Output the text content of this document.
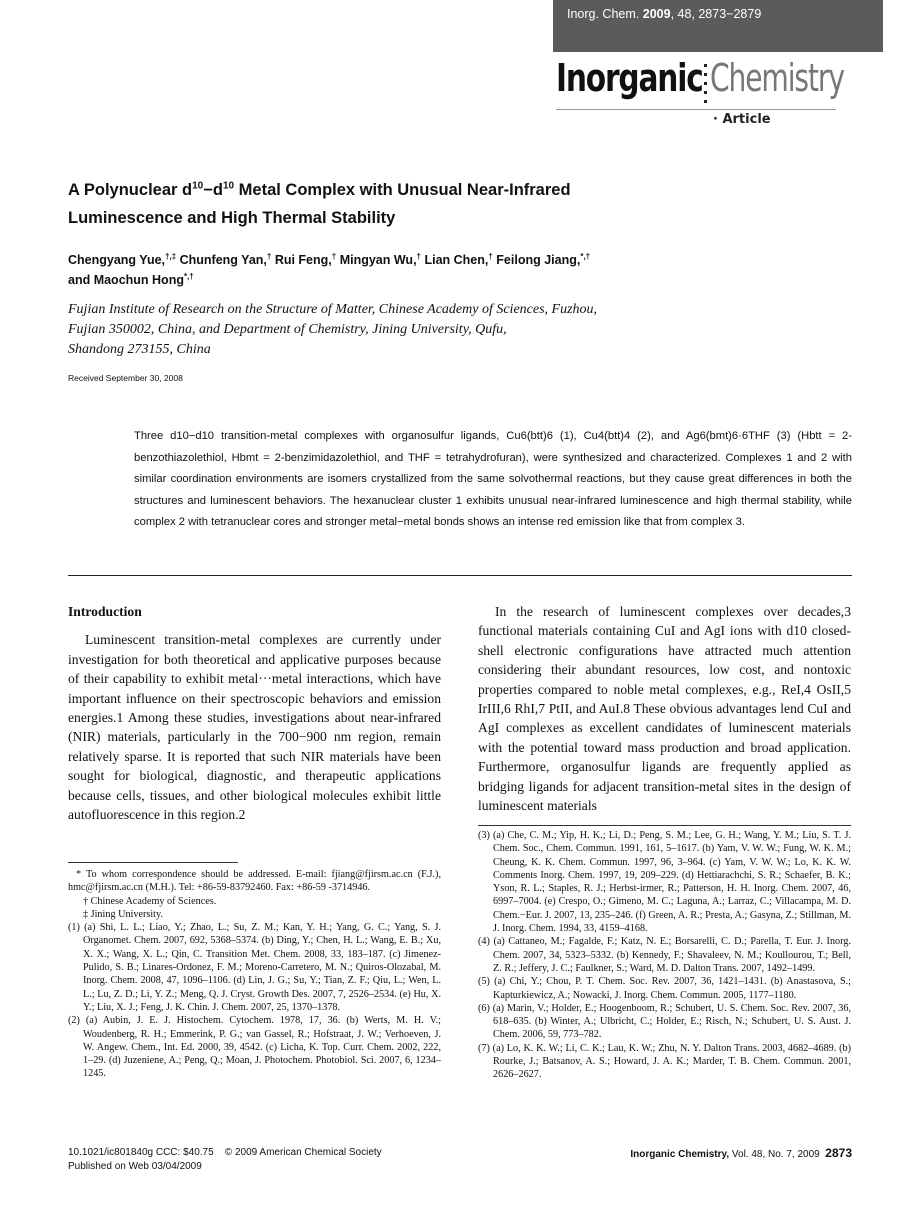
Inorg. Chem. 2009, 48, 2873−2879
Inorganic Chemistry
· Article
A Polynuclear $d^{10}-d^{10}$ Metal Complex with Unusual Near-Infrared
Luminescence and High Thermal Stability
Chengyang Yue,†,‡ Chunfeng Yan,† Rui Feng,† Mingyan Wu,† Lian Chen,† Feilong Jiang,*,†
and Maochun Hong*,†
Fujian Institute of Research on the Structure of Matter, Chinese Academy of Sciences, Fuzhou,
Fujian 350002, China, and Department of Chemistry, Jining University, Qufu,
Shandong 273155, China
Received September 30, 2008
Three d10−d10 transition-metal complexes with organosulfur ligands, Cu6(btt)6 (1), Cu4(btt)4 (2), and Ag6(bmt)6·6THF (3) (Hbtt = 2-benzothiazolethiol, Hbmt = 2-benzimidazolethiol, and THF = tetrahydrofuran), were synthesized and characterized. Complexes 1 and 2 with similar coordination environments are isomers crystallized from the same solvothermal reactions, but they cause great differences in both the structures and luminescent behaviors. The hexanuclear cluster 1 exhibits unusual near-infrared luminescence and high thermal stability, while complex 2 with tetranuclear cores and stronger metal−metal bonds shows an intense red emission like that from complex 3.
Introduction

Luminescent transition-metal complexes are currently under investigation for both theoretical and applicative purposes because of their capability to exhibit metal···metal interactions, which have important influence on their spectroscopic behaviors and emission energies.1 Among these studies, investigations about near-infrared (NIR) materials, particularly in the 700−900 nm region, remain relatively sparse. It is reported that such NIR materials have been sought for biological, diagnostic, and therapeutic applications because cells, tissues, and other biological molecules exhibit little autofluorescence in this region.2

* To whom correspondence should be addressed. E-mail: fjiang@fjirsm.ac.cn (F.J.), hmc@fjirsm.ac.cn (M.H.). Tel: +86-59-83792460. Fax: +86-59 -3714946.

† Chinese Academy of Sciences.

‡ Jining University.

(1) (a) Shi, L. L.; Liao, Y.; Zhao, L.; Su, Z. M.; Kan, Y. H.; Yang, G. C.; Yang, S. J. Organomet. Chem. 2007, 692, 5368–5374. (b) Ding, Y.; Chen, H. L.; Wang, E. B.; Xu, X. X.; Wang, X. L.; Qin, C. Transition Met. Chem. 2008, 33, 183–187. (c) Jimenez-Pulido, S. B.; Linares-Ordonez, F. M.; Moreno-Carretero, M. N.; Quiros-Olozabal, M. Inorg. Chem. 2008, 47, 1096–1106. (d) Lin, J. G.; Su, Y.; Tian, Z. F.; Qiu, L.; Wen, L. L.; Lu, Z. D.; Li, Y. Z.; Meng, Q. J. Cryst. Growth Des. 2007, 7, 2526–2534. (e) Hu, X. Y.; Liu, X. J.; Feng, J. K. Chin. J. Chem. 2007, 25, 1370–1378.

(2) (a) Aubin, J. E. J. Histochem. Cytochem. 1978, 17, 36. (b) Werts, M. H. V.; Woudenberg, R. H.; Emmerink, P. G.; van Gassel, R.; Hofstraat, J. W.; Verhoeven, J. W. Angew. Chem., Int. Ed. 2000, 39, 4542. (c) Licha, K. Top. Curr. Chem. 2002, 222, 1–29. (d) Juzeniene, A.; Peng, Q.; Moan, J. Photochem. Photobiol. Sci. 2007, 6, 1234–1245.

In the research of luminescent complexes over decades,3 functional materials containing CuI and AgI ions with d10 closed-shell electronic configurations have attracted much attention considering their abundant resources, low cost, and nontoxic properties compared to noble metal complexes, e.g., ReI,4 OsII,5 IrIII,6 RhI,7 PtII, and AuI.8 These obvious advantages lend CuI and AgI complexes as excellent candidates of luminescent materials with the potential toward mass production and broad application. Furthermore, organosulfur ligands are frequently applied as bridging ligands for adjacent transition-metal sites in the design of luminescent materials

(3) (a) Che, C. M.; Yip, H. K.; Li, D.; Peng, S. M.; Lee, G. H.; Wang, Y. M.; Liu, S. T. J. Chem. Soc., Chem. Commun. 1991, 161, 5–1617. (b) Yam, V. W. W.; Fung, W. K. M.; Cheung, K. K. Chem. Commun. 1997, 96, 3–964. (c) Yam, V. W. W.; Lo, K. K. W. Comments Inorg. Chem. 1997, 19, 209–229. (d) Hettiarachchi, S. R.; Schaefer, B. K.; Yson, R. L.; Staples, R. J.; Herbst-irmer, R.; Patterson, H. H. Inorg. Chem. 2007, 46, 6997–7004. (e) Crespo, O.; Gimeno, M. C.; Laguna, A.; Larraz, C.; Villacampa, M. D. Chem.−Eur. J. 2007, 13, 235–246. (f) Green, A. R.; Presta, A.; Gasyna, Z.; Stillman, M. J. Inorg. Chem. 1994, 33, 4159–4168.

(4) (a) Cattaneo, M.; Fagalde, F.; Katz, N. E.; Borsarelli, C. D.; Parella, T. Eur. J. Inorg. Chem. 2007, 34, 5323–5332. (b) Kennedy, F.; Shavaleev, N. M.; Koullourou, T.; Bell, Z. R.; Jeffery, J. C.; Faulkner, S.; Ward, M. D. Dalton Trans. 2007, 1492–1499.

(5) (a) Chi, Y.; Chou, P. T. Chem. Soc. Rev. 2007, 36, 1421–1431. (b) Anastasova, S.; Kapturkiewicz, A.; Nowacki, J. Inorg. Chem. Commun. 2005, 1177–1180.

(6) (a) Marin, V.; Holder, E.; Hoogenboom, R.; Schubert, U. S. Chem. Soc. Rev. 2007, 36, 618–635. (b) Winter, A.; Ulbricht, C.; Holder, E.; Risch, N.; Schubert, U. S. Aust. J. Chem. 2006, 59, 773–782.

(7) (a) Lo, K. K. W.; Li, C. K.; Lau, K. W.; Zhu, N. Y. Dalton Trans. 2003, 4682–4689. (b) Rourke, J.; Batsanov, A. S.; Howard, J. A. K.; Marder, T. B. Chem. Commun. 2001, 2626–2627.

10.1021/ic801840g CCC: $40.75 © 2009 American Chemical Society
Published on Web 03/04/2009
Inorganic Chemistry, Vol. 48, No. 7, 2009 2873
